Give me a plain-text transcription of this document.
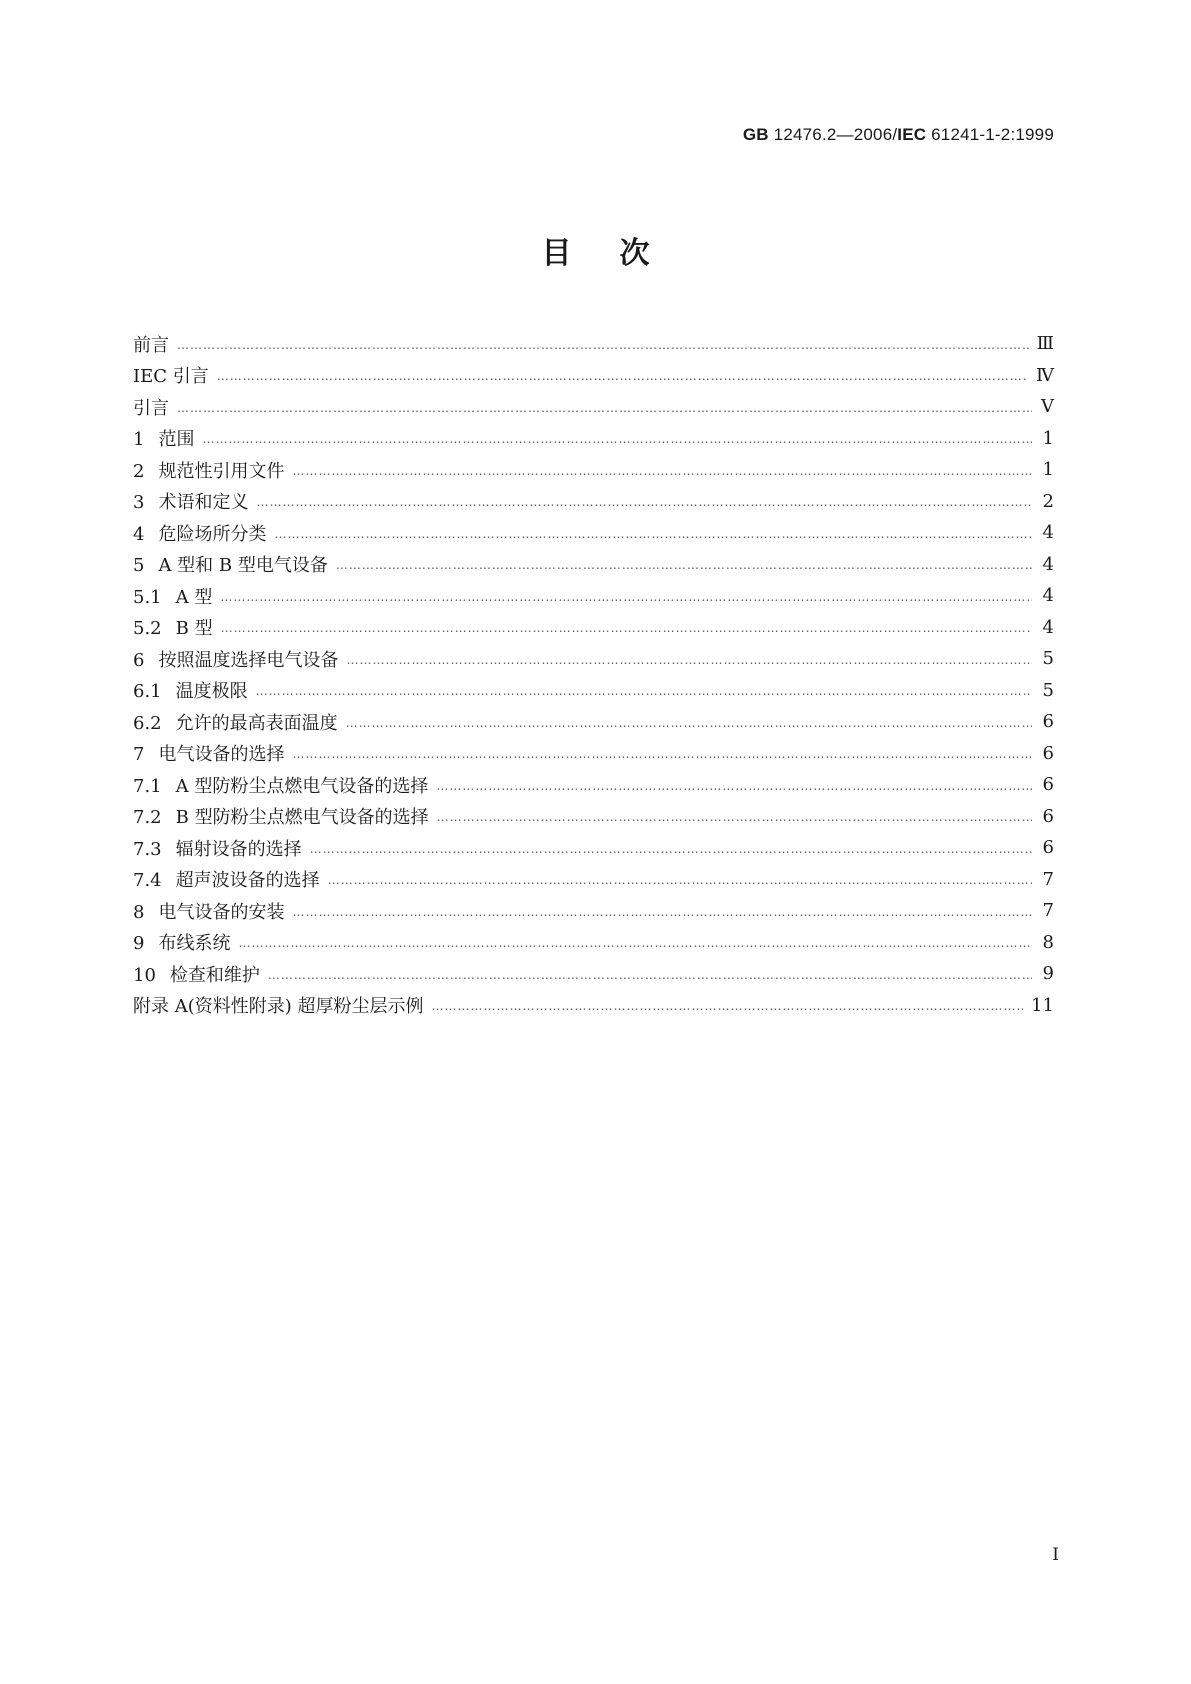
GB 12476.2—2006/IEC 61241-1-2:1999
目次
前言 …………………………………………………………………………………………………………………………………………………………………………………………………………………………………………………………	Ⅲ
IEC 引言 …………………………………………………………………………………………………………………………………………………………………………………………………………………………………………………………	Ⅳ
引言 …………………………………………………………………………………………………………………………………………………………………………………………………………………………………………………………	Ⅴ
1 范围 …………………………………………………………………………………………………………………………………………………………………………………………………………………………………………………………	1
2 规范性引用文件 …………………………………………………………………………………………………………………………………………………………………………………………………………………………………………………………	1
3 术语和定义 …………………………………………………………………………………………………………………………………………………………………………………………………………………………………………………………	2
4 危险场所分类 …………………………………………………………………………………………………………………………………………………………………………………………………………………………………………………………	4
5 A 型和 B 型电气设备 …………………………………………………………………………………………………………………………………………………………………………………………………………………………………………………………	4
5.1 A 型 …………………………………………………………………………………………………………………………………………………………………………………………………………………………………………………………	4
5.2 B 型 …………………………………………………………………………………………………………………………………………………………………………………………………………………………………………………………	4
6 按照温度选择电气设备 …………………………………………………………………………………………………………………………………………………………………………………………………………………………………………………………	5
6.1 温度极限 …………………………………………………………………………………………………………………………………………………………………………………………………………………………………………………………	5
6.2 允许的最高表面温度 …………………………………………………………………………………………………………………………………………………………………………………………………………………………………………………………	6
7 电气设备的选择 …………………………………………………………………………………………………………………………………………………………………………………………………………………………………………………………	6
7.1 A 型防粉尘点燃电气设备的选择 …………………………………………………………………………………………………………………………………………………………………………………………………………………………………………………………	6
7.2 B 型防粉尘点燃电气设备的选择 …………………………………………………………………………………………………………………………………………………………………………………………………………………………………………………………	6
7.3 辐射设备的选择 …………………………………………………………………………………………………………………………………………………………………………………………………………………………………………………………	6
7.4 超声波设备的选择 …………………………………………………………………………………………………………………………………………………………………………………………………………………………………………………………	7
8 电气设备的安装 …………………………………………………………………………………………………………………………………………………………………………………………………………………………………………………………	7
9 布线系统 …………………………………………………………………………………………………………………………………………………………………………………………………………………………………………………………	8
10 检查和维护 …………………………………………………………………………………………………………………………………………………………………………………………………………………………………………………………	9
附录 A(资料性附录) 超厚粉尘层示例 …………………………………………………………………………………………………………………………………………………………………………………………………………………………………………………………	11
I
